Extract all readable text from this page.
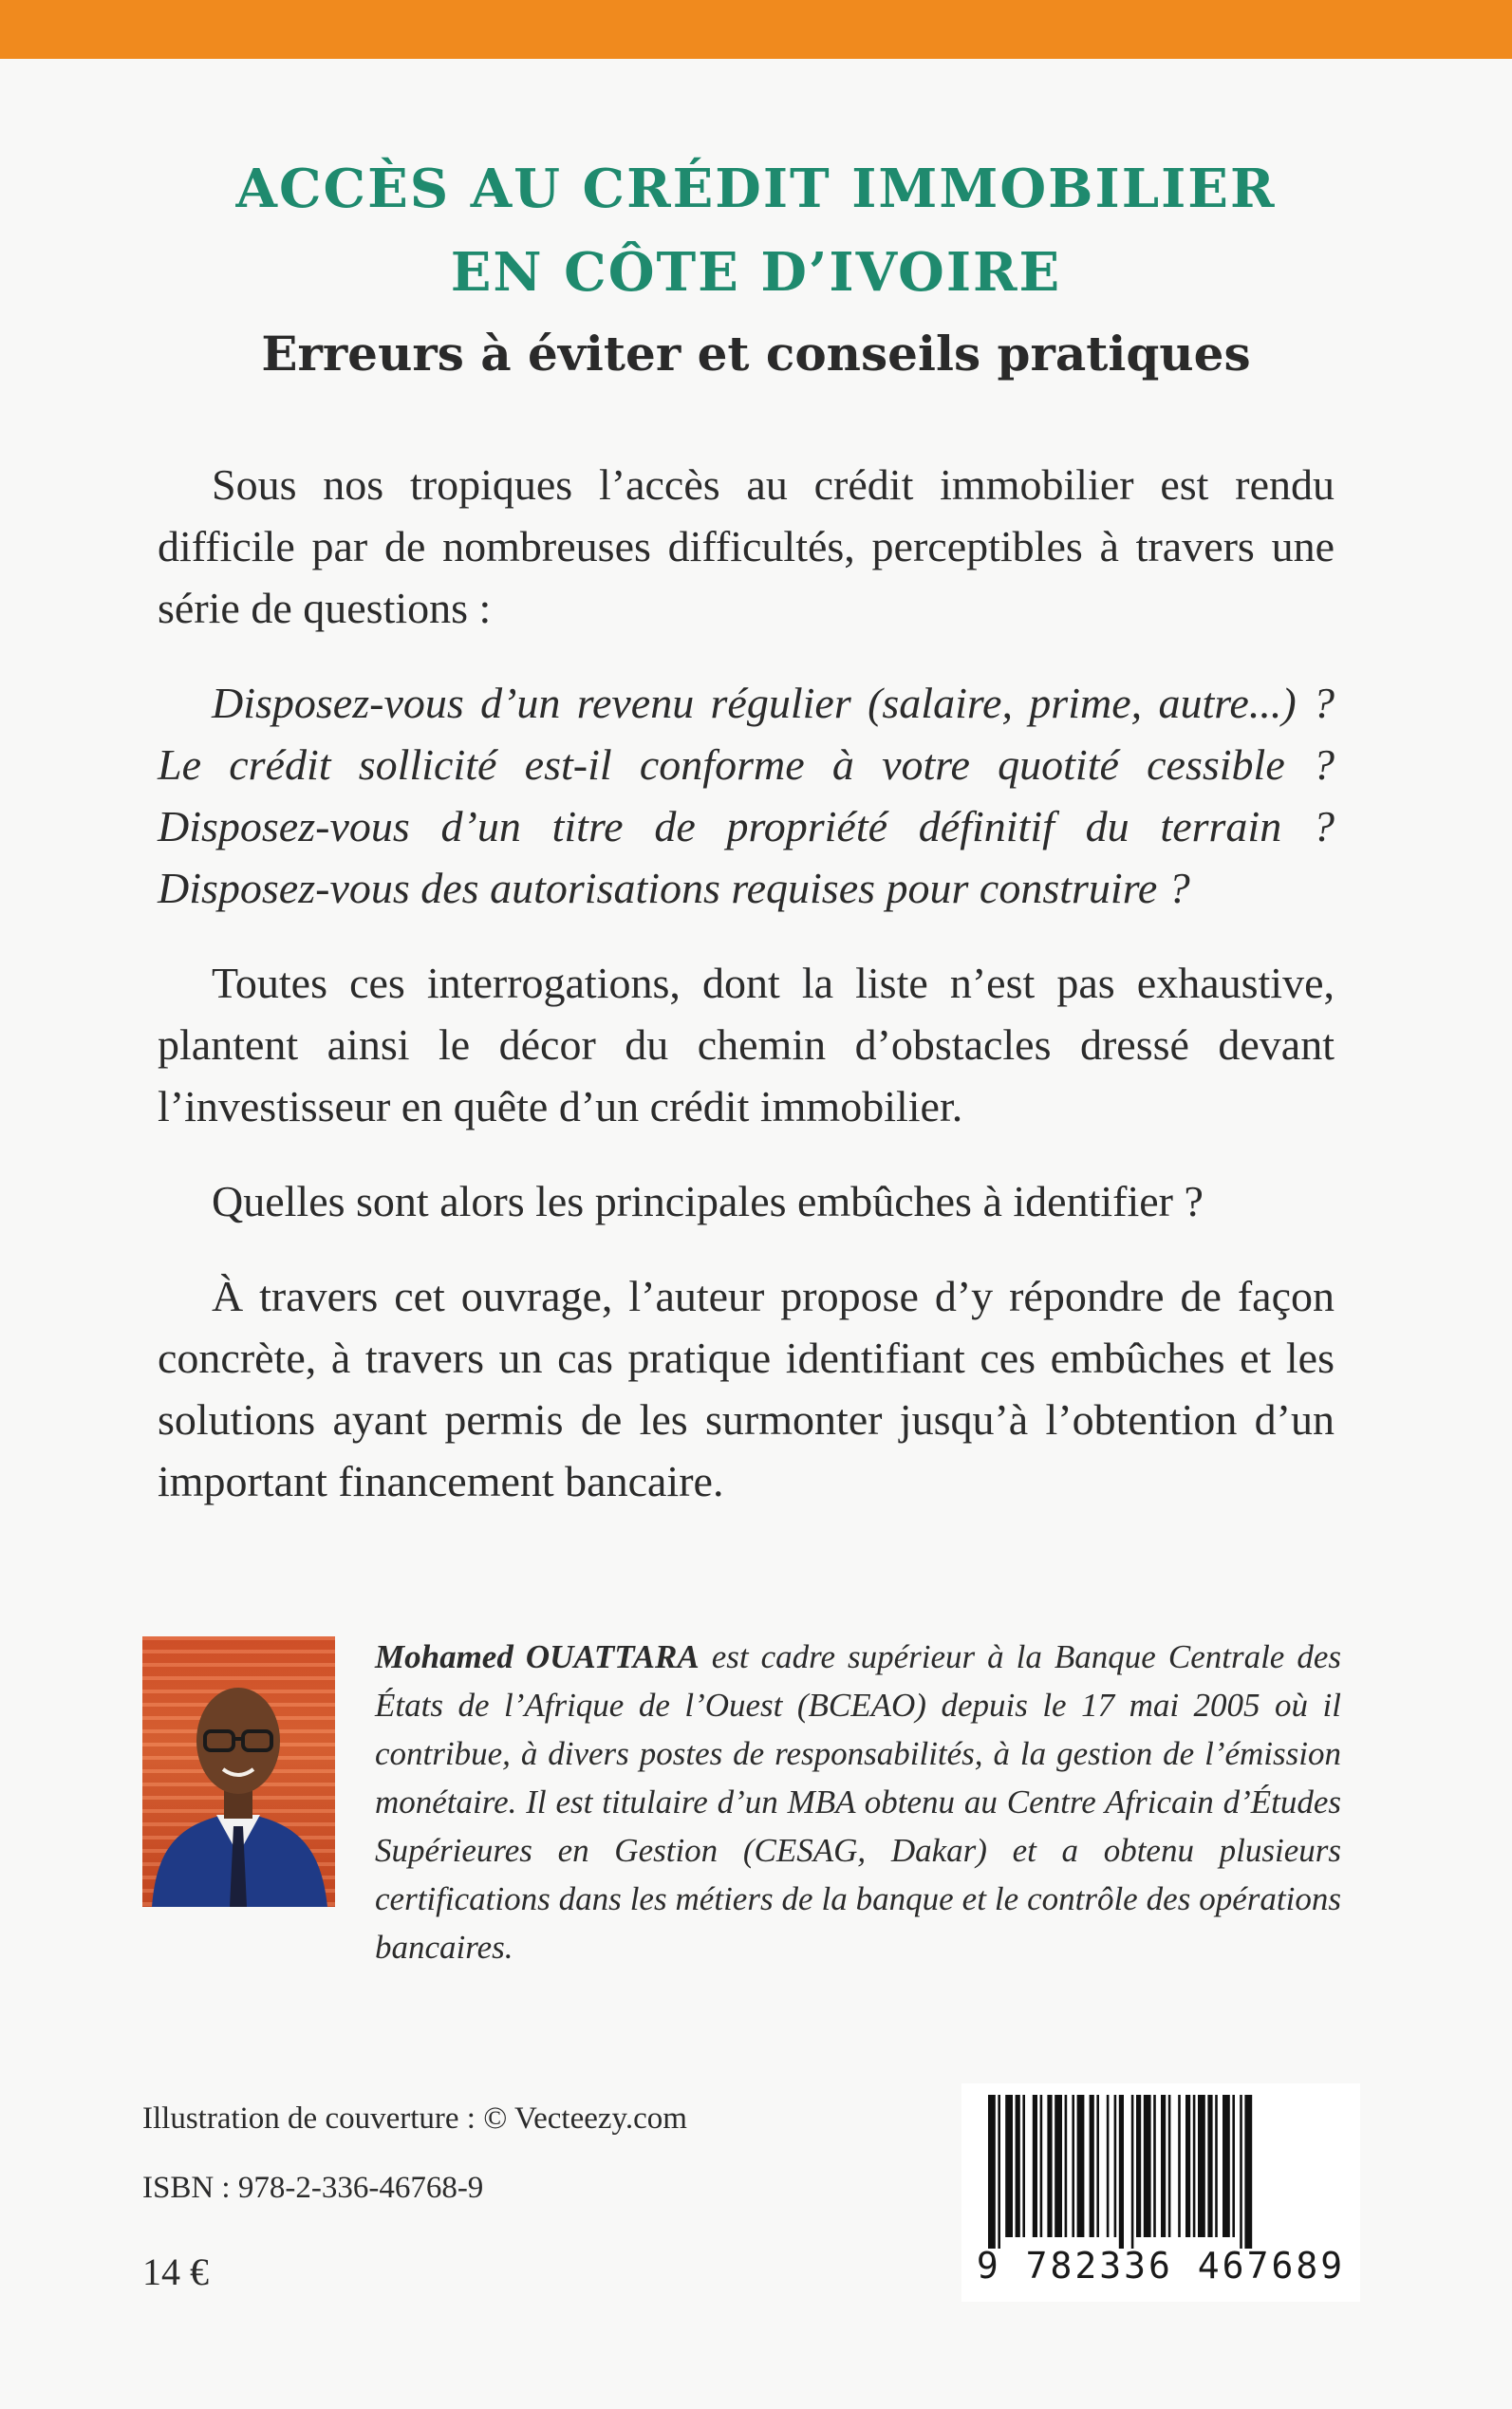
ACCÈS AU CRÉDIT IMMOBILIER
EN CÔTE D’IVOIRE
Erreurs à éviter et conseils pratiques

Sous nos tropiques l’accès au crédit immobilier est rendu difficile par de nombreuses difficultés, perceptibles à travers une série de questions :

Disposez-vous d’un revenu régulier (salaire, prime, autre...) ? Le crédit sollicité est-il conforme à votre quotité cessible ? Disposez-vous d’un titre de propriété définitif du terrain ? Disposez-vous des autorisations requises pour construire ?

Toutes ces interrogations, dont la liste n’est pas exhaustive, plantent ainsi le décor du chemin d’obstacles dressé devant l’investisseur en quête d’un crédit immobilier.

Quelles sont alors les principales embûches à identifier ?

À travers cet ouvrage, l’auteur propose d’y répondre de façon concrète, à travers un cas pratique identifiant ces embûches et les solutions ayant permis de les surmonter jusqu’à l’obtention d’un important financement bancaire.

Mohamed OUATTARA est cadre supérieur à la Banque Centrale des États de l’Afrique de l’Ouest (BCEAO) depuis le 17 mai 2005 où il contribue, à divers postes de responsabilités, à la gestion de l’émission monétaire. Il est titulaire d’un MBA obtenu au Centre Africain d’Études Supérieures en Gestion (CESAG, Dakar) et a obtenu plusieurs certifications dans les métiers de la banque et le contrôle des opérations bancaires.
Illustration de couverture : © Vecteezy.com
ISBN : 978-2-336-46768-9
14 €	9 782336 467689
